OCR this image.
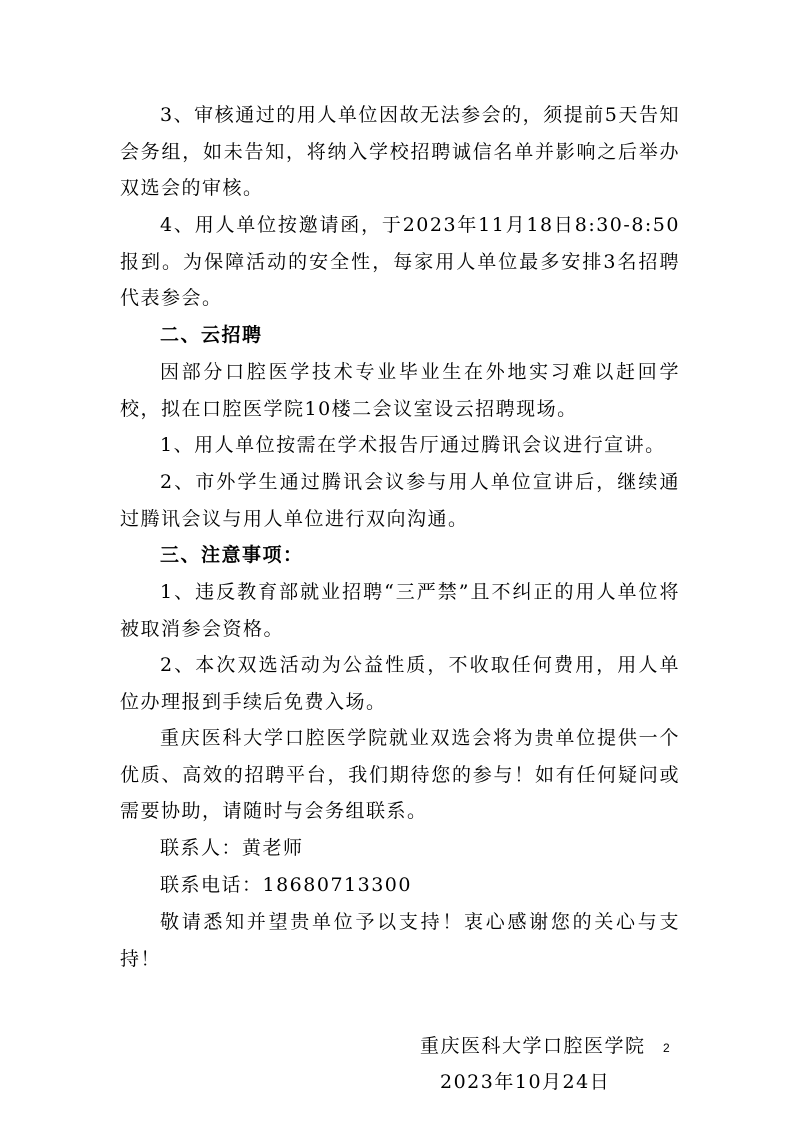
3、审核通过的用人单位因故无法参会的，须提前5天告知会务组，如未告知，将纳入学校招聘诚信名单并影响之后举办双选会的审核。

4、用人单位按邀请函，于2023年11月18日8:30-8:50报到。为保障活动的安全性，每家用人单位最多安排3名招聘代表参会。

二、云招聘

因部分口腔医学技术专业毕业生在外地实习难以赶回学校，拟在口腔医学院10楼二会议室设云招聘现场。

1、用人单位按需在学术报告厅通过腾讯会议进行宣讲。

2、市外学生通过腾讯会议参与用人单位宣讲后，继续通过腾讯会议与用人单位进行双向沟通。

三、注意事项：

1、违反教育部就业招聘“三严禁”且不纠正的用人单位将被取消参会资格。

2、本次双选活动为公益性质，不收取任何费用，用人单位办理报到手续后免费入场。

重庆医科大学口腔医学院就业双选会将为贵单位提供一个优质、高效的招聘平台，我们期待您的参与！如有任何疑问或需要协助，请随时与会务组联系。

联系人：黄老师

联系电话：18680713300

敬请悉知并望贵单位予以支持！衷心感谢您的关心与支持！

重庆医科大学口腔医学院

2023年10月24日

2
